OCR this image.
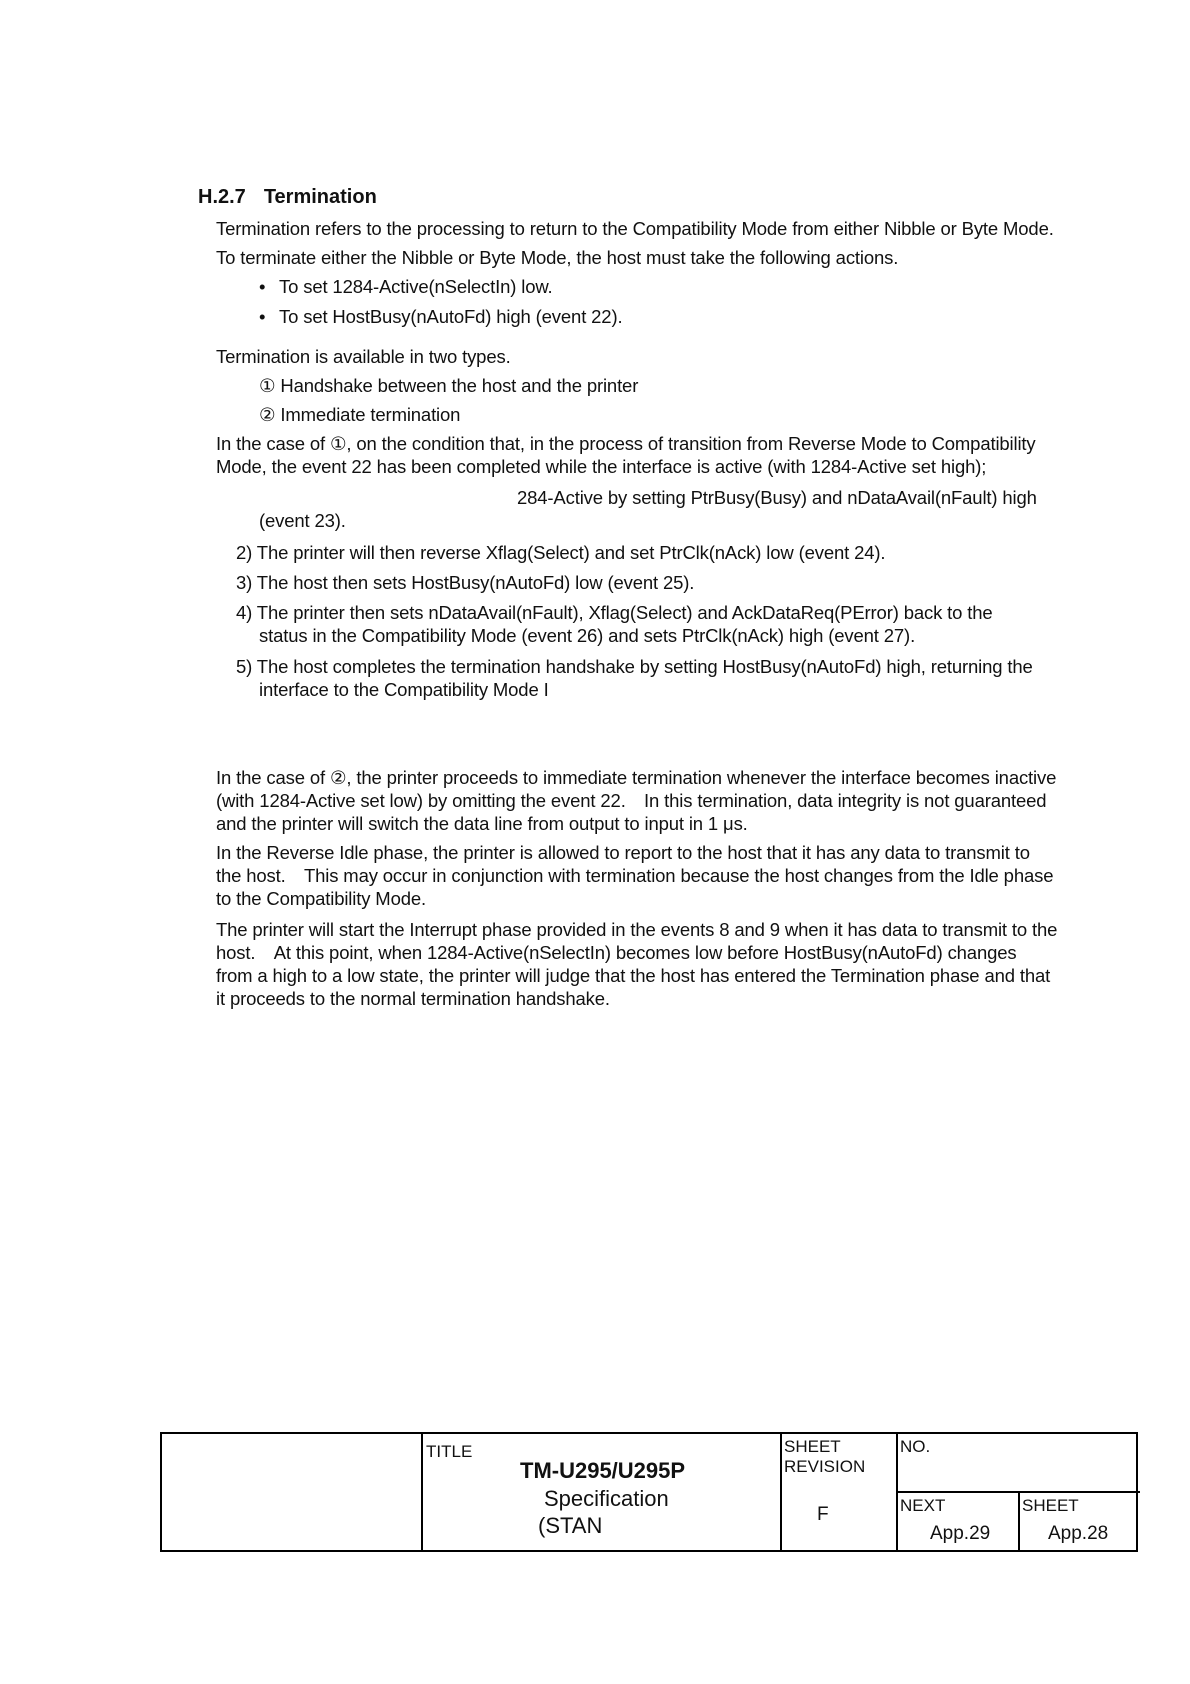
H.2.7 Termination
Termination refers to the processing to return to the Compatibility Mode from either Nibble or Byte Mode.
To terminate either the Nibble or Byte Mode, the host must take the following actions.
• To set 1284-Active(nSelectIn) low.
• To set HostBusy(nAutoFd) high (event 22).
Termination is available in two types.
① Handshake between the host and the printer
② Immediate termination
In the case of ①, on the condition that, in the process of transition from Reverse Mode to Compatibility
Mode, the event 22 has been completed while the interface is active (with 1284-Active set high);
284-Active by setting PtrBusy(Busy) and nDataAvail(nFault) high
(event 23).
2) The printer will then reverse Xflag(Select) and set PtrClk(nAck) low (event 24).
3) The host then sets HostBusy(nAutoFd) low (event 25).
4) The printer then sets nDataAvail(nFault), Xflag(Select) and AckDataReq(PError) back to the
status in the Compatibility Mode (event 26) and sets PtrClk(nAck) high (event 27).
5) The host completes the termination handshake by setting HostBusy(nAutoFd) high, returning the
interface to the Compatibility Mode I
In the case of ②, the printer proceeds to immediate termination whenever the interface becomes inactive
(with 1284-Active set low) by omitting the event 22.　In this termination, data integrity is not guaranteed
and the printer will switch the data line from output to input in 1 μs.
In the Reverse Idle phase, the printer is allowed to report to the host that it has any data to transmit to
the host.　This may occur in conjunction with termination because the host changes from the Idle phase
to the Compatibility Mode.
The printer will start the Interrupt phase provided in the events 8 and 9 when it has data to transmit to the
host.　At this point, when 1284-Active(nSelectIn) becomes low before HostBusy(nAutoFd) changes
from a high to a low state, the printer will judge that the host has entered the Termination phase and that
it proceeds to the normal termination handshake.
TITLE
TM-U295/U295P
Specification
(STAN
SHEET
REVISION
F
NO.
NEXT	SHEET
App.29	App.28
